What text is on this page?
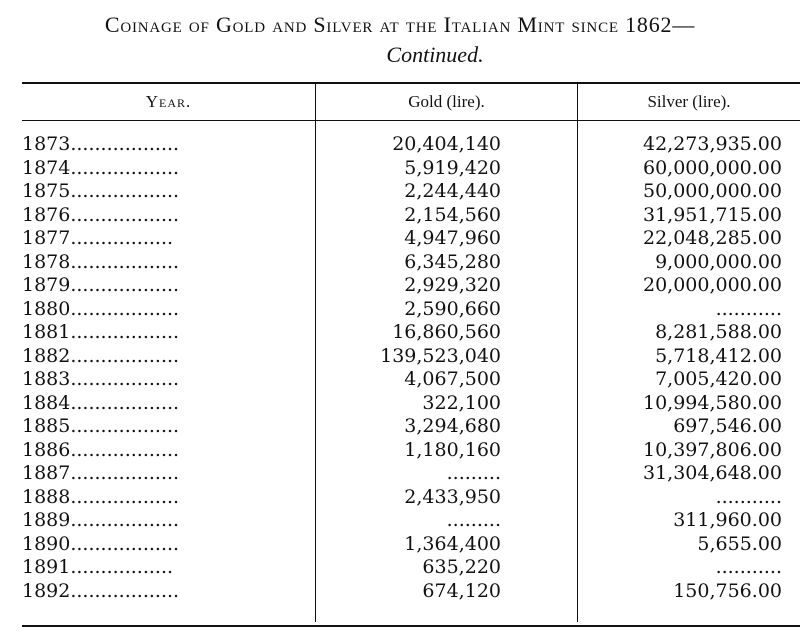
Coinage of Gold and Silver at the Italian Mint since 1862—
Continued.
Year.	Gold (lire).	Silver (lire).
1873..................	20,404,140	42,273,935.00
1874..................	5,919,420	60,000,000.00
1875..................	2,244,440	50,000,000.00
1876..................	2,154,560	31,951,715.00
1877.................	4,947,960	22,048,285.00
1878..................	6,345,280	9,000,000.00
1879..................	2,929,320	20,000,000.00
1880..................	2,590,660	...........
1881..................	16,860,560	8,281,588.00
1882..................	139,523,040	5,718,412.00
1883..................	4,067,500	7,005,420.00
1884..................	322,100	10,994,580.00
1885..................	3,294,680	697,546.00
1886..................	1,180,160	10,397,806.00
1887..................	.........	31,304,648.00
1888..................	2,433,950	...........
1889..................	.........	311,960.00
1890..................	1,364,400	5,655.00
1891.................	635,220	...........
1892..................	674,120	150,756.00
